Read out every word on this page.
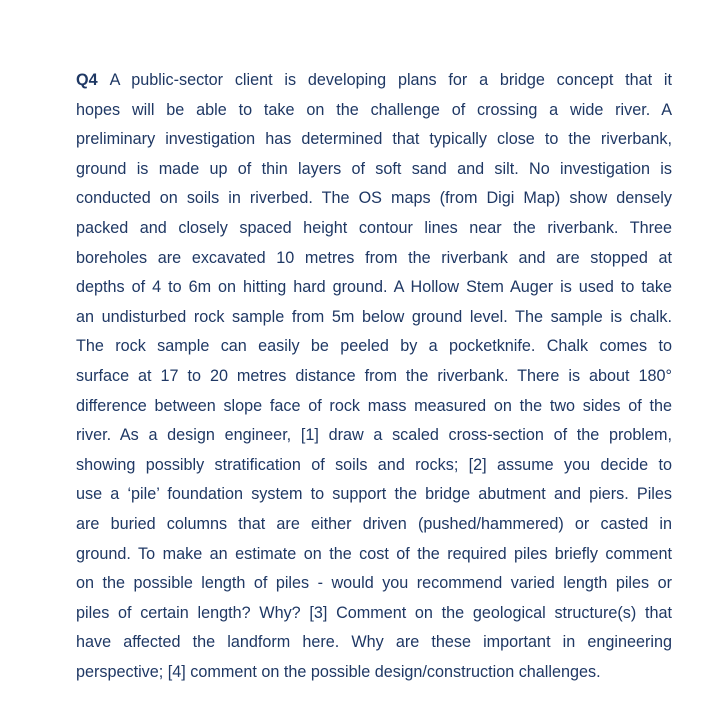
Q4 A public-sector client is developing plans for a bridge concept that it
hopes will be able to take on the challenge of crossing a wide river. A
preliminary investigation has determined that typically close to the riverbank,
ground is made up of thin layers of soft sand and silt. No investigation is
conducted on soils in riverbed. The OS maps (from Digi Map) show densely
packed and closely spaced height contour lines near the riverbank. Three
boreholes are excavated 10 metres from the riverbank and are stopped at
depths of 4 to 6m on hitting hard ground. A Hollow Stem Auger is used to take
an undisturbed rock sample from 5m below ground level. The sample is chalk.
The rock sample can easily be peeled by a pocketknife. Chalk comes to
surface at 17 to 20 metres distance from the riverbank. There is about 180°
difference between slope face of rock mass measured on the two sides of the
river. As a design engineer, [1] draw a scaled cross-section of the problem,
showing possibly stratification of soils and rocks; [2] assume you decide to
use a ‘pile’ foundation system to support the bridge abutment and piers. Piles
are buried columns that are either driven (pushed/hammered) or casted in
ground. To make an estimate on the cost of the required piles briefly comment
on the possible length of piles - would you recommend varied length piles or
piles of certain length? Why? [3] Comment on the geological structure(s) that
have affected the landform here. Why are these important in engineering
perspective; [4] comment on the possible design/construction challenges.
